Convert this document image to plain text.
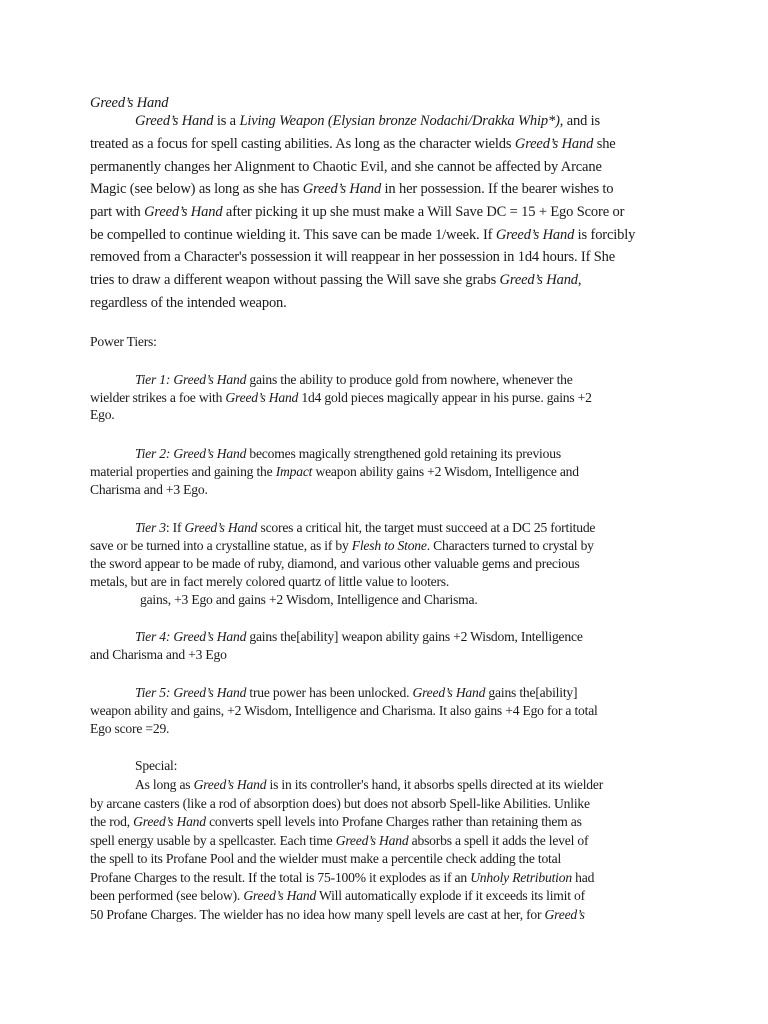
Greed’s Hand
Greed’s Hand is a Living Weapon (Elysian bronze Nodachi/Drakka Whip*), and is
treated as a focus for spell casting abilities. As long as the character wields Greed’s Hand she
permanently changes her Alignment to Chaotic Evil, and she cannot be affected by Arcane
Magic (see below) as long as she has Greed’s Hand in her possession. If the bearer wishes to
part with Greed’s Hand after picking it up she must make a Will Save DC = 15 + Ego Score or
be compelled to continue wielding it. This save can be made 1/week. If Greed’s Hand is forcibly
removed from a Character's possession it will reappear in her possession in 1d4 hours. If She
tries to draw a different weapon without passing the Will save she grabs Greed’s Hand,
regardless of the intended weapon.
Power Tiers:
Tier 1: Greed’s Hand gains the ability to produce gold from nowhere, whenever the
wielder strikes a foe with Greed’s Hand 1d4 gold pieces magically appear in his purse. gains +2
Ego.
Tier 2: Greed’s Hand becomes magically strengthened gold retaining its previous
material properties and gaining the Impact weapon ability gains +2 Wisdom, Intelligence and
Charisma and +3 Ego.
Tier 3: If Greed’s Hand scores a critical hit, the target must succeed at a DC 25 fortitude
save or be turned into a crystalline statue, as if by Flesh to Stone. Characters turned to crystal by
the sword appear to be made of ruby, diamond, and various other valuable gems and precious
metals, but are in fact merely colored quartz of little value to looters.
gains, +3 Ego and gains +2 Wisdom, Intelligence and Charisma.
Tier 4: Greed’s Hand gains the[ability] weapon ability gains +2 Wisdom, Intelligence
and Charisma and +3 Ego
Tier 5: Greed’s Hand true power has been unlocked. Greed’s Hand gains the[ability]
weapon ability and gains, +2 Wisdom, Intelligence and Charisma. It also gains +4 Ego for a total
Ego score =29.
Special:
As long as Greed’s Hand is in its controller's hand, it absorbs spells directed at its wielder
by arcane casters (like a rod of absorption does) but does not absorb Spell-like Abilities. Unlike
the rod, Greed’s Hand converts spell levels into Profane Charges rather than retaining them as
spell energy usable by a spellcaster. Each time Greed’s Hand absorbs a spell it adds the level of
the spell to its Profane Pool and the wielder must make a percentile check adding the total
Profane Charges to the result. If the total is 75-100% it explodes as if an Unholy Retribution had
been performed (see below). Greed’s Hand Will automatically explode if it exceeds its limit of
50 Profane Charges. The wielder has no idea how many spell levels are cast at her, for Greed’s
